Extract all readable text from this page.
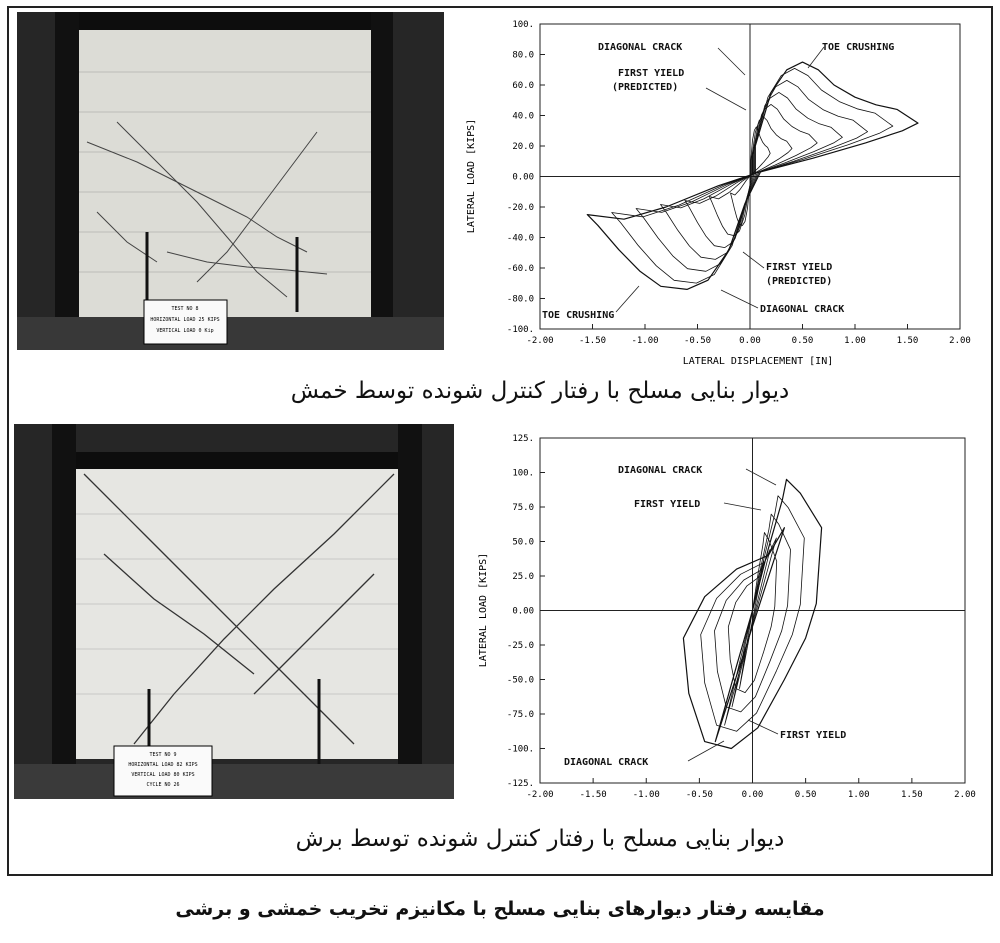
TEST NO 8
HORIZONTAL LOAD 25 KIPS
VERTICAL LOAD 0 Kip
TEST NO 9
HORIZONTAL LOAD 82 KIPS
VERTICAL LOAD 80 KIPS
CYCLE NO 26
-2.00	-1.50	-1.00	-0.50	0.00	0.50	1.00	1.50	2.00
100.
80.0
60.0
40.0
20.0
0.00
-20.0
-40.0
-60.0
-80.0
-100.
LATERAL DISPLACEMENT [IN]
LATERAL LOAD [KIPS]
DIAGONAL CRACK	TOE CRUSHING
FIRST YIELD
(PREDICTED)
FIRST YIELD
(PREDICTED)
DIAGONAL CRACK
TOE CRUSHING
-2.00	-1.50	-1.00	-0.50	0.00	0.50	1.00	1.50	2.00
125.
100.
75.0
50.0
25.0
0.00
-25.0
-50.0
-75.0
-100.
-125.
LATERAL LOAD [KIPS]
DIAGONAL CRACK
FIRST YIELD
FIRST YIELD
DIAGONAL CRACK
دیوار بنایی مسلح با رفتار کنترل شونده توسط خمش
دیوار بنایی مسلح با رفتار کنترل شونده توسط برش
مقایسه رفتار دیوارهای بنایی مسلح با مکانیزم تخریب خمشی و برشی
